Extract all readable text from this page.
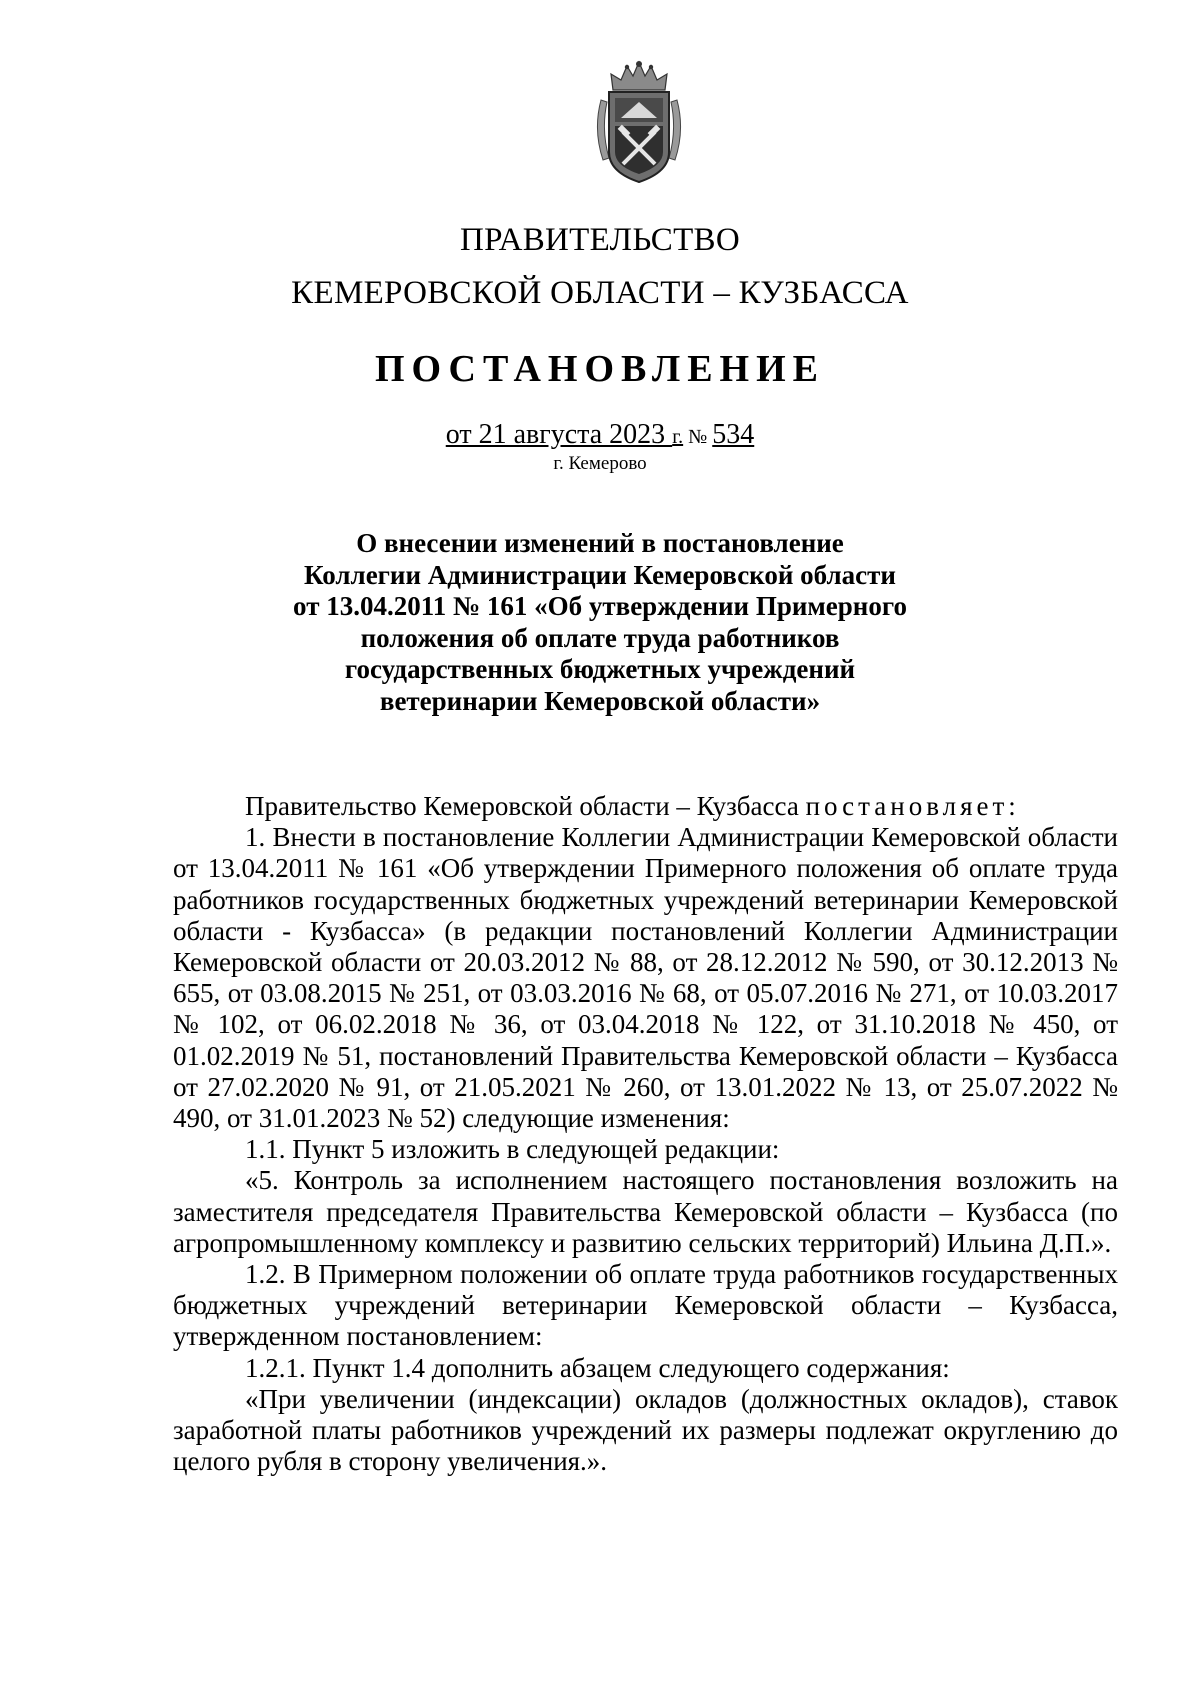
ПРАВИТЕЛЬСТВО
КЕМЕРОВСКОЙ ОБЛАСТИ – КУЗБАССА
ПОСТАНОВЛЕНИЕ
от 21 августа 2023 г. № 534
г. Кемерово
О внесении изменений в постановление
Коллегии Администрации Кемеровской области
от 13.04.2011 № 161 «Об утверждении Примерного
положения об оплате труда работников
государственных бюджетных учреждений
ветеринарии Кемеровской области»

Правительство Кемеровской области – Кузбасса постановляет:

1. Внести в постановление Коллегии Администрации Кемеровской области от 13.04.2011 № 161 «Об утверждении Примерного положения об оплате труда работников государственных бюджетных учреждений ветеринарии Кемеровской области - Кузбасса» (в редакции постановлений Коллегии Администрации Кемеровской области от 20.03.2012 № 88, от 28.12.2012 № 590, от 30.12.2013 № 655, от 03.08.2015 № 251, от 03.03.2016 № 68, от 05.07.2016 № 271, от 10.03.2017 № 102, от 06.02.2018 № 36, от 03.04.2018 № 122, от 31.10.2018 № 450, от 01.02.2019 № 51, постановлений Правительства Кемеровской области – Кузбасса от 27.02.2020 № 91, от 21.05.2021 № 260, от 13.01.2022 № 13, от 25.07.2022 № 490, от 31.01.2023 № 52) следующие изменения:

1.1. Пункт 5 изложить в следующей редакции:

«5. Контроль за исполнением настоящего постановления возложить на заместителя председателя Правительства Кемеровской области – Кузбасса (по агропромышленному комплексу и развитию сельских территорий) Ильина Д.П.».

1.2. В Примерном положении об оплате труда работников государственных бюджетных учреждений ветеринарии Кемеровской области – Кузбасса, утвержденном постановлением:

1.2.1. Пункт 1.4 дополнить абзацем следующего содержания:

«При увеличении (индексации) окладов (должностных окладов), ставок заработной платы работников учреждений их размеры подлежат округлению до целого рубля в сторону увеличения.».
